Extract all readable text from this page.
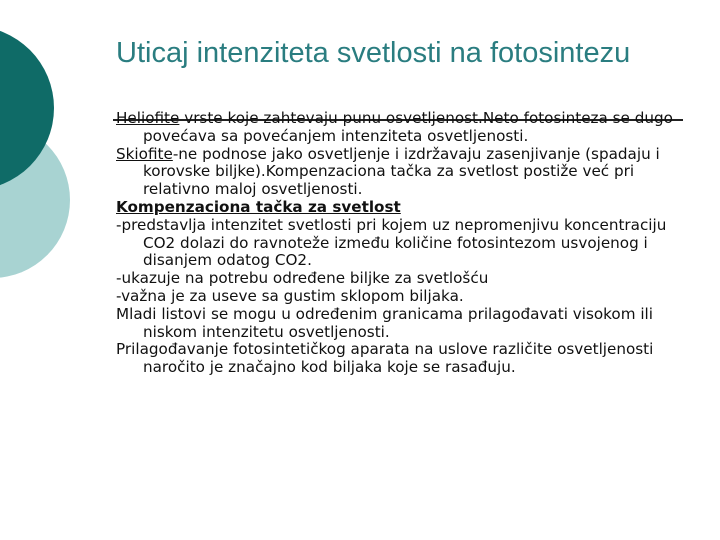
Uticaj intenziteta svetlosti na fotosintezu

Heliofite vrste koje zahtevaju punu osvetljenost.Neto fotosinteza se dugo povećava sa povećanjem intenziteta osvetljenosti.

Skiofite-ne podnose jako osvetljenje i izdržavaju zasenjivanje (spadaju i korovske biljke).Kompenzaciona tačka za svetlost postiže već pri relativno maloj osvetljenosti.

Kompenzaciona tačka za svetlost

-predstavlja intenzitet svetlosti pri kojem uz nepromenjivu koncentraciju CO2 dolazi do ravnoteže između količine fotosintezom usvojenog i disanjem odatog CO2.

-ukazuje na potrebu određene biljke za svetlošću

-važna je za useve sa gustim sklopom biljaka.

Mladi listovi se mogu u određenim granicama prilagođavati visokom ili niskom intenzitetu osvetljenosti.

Prilagođavanje fotosintetičkog aparata na uslove različite osvetljenosti naročito je značajno kod biljaka koje se rasađuju.
